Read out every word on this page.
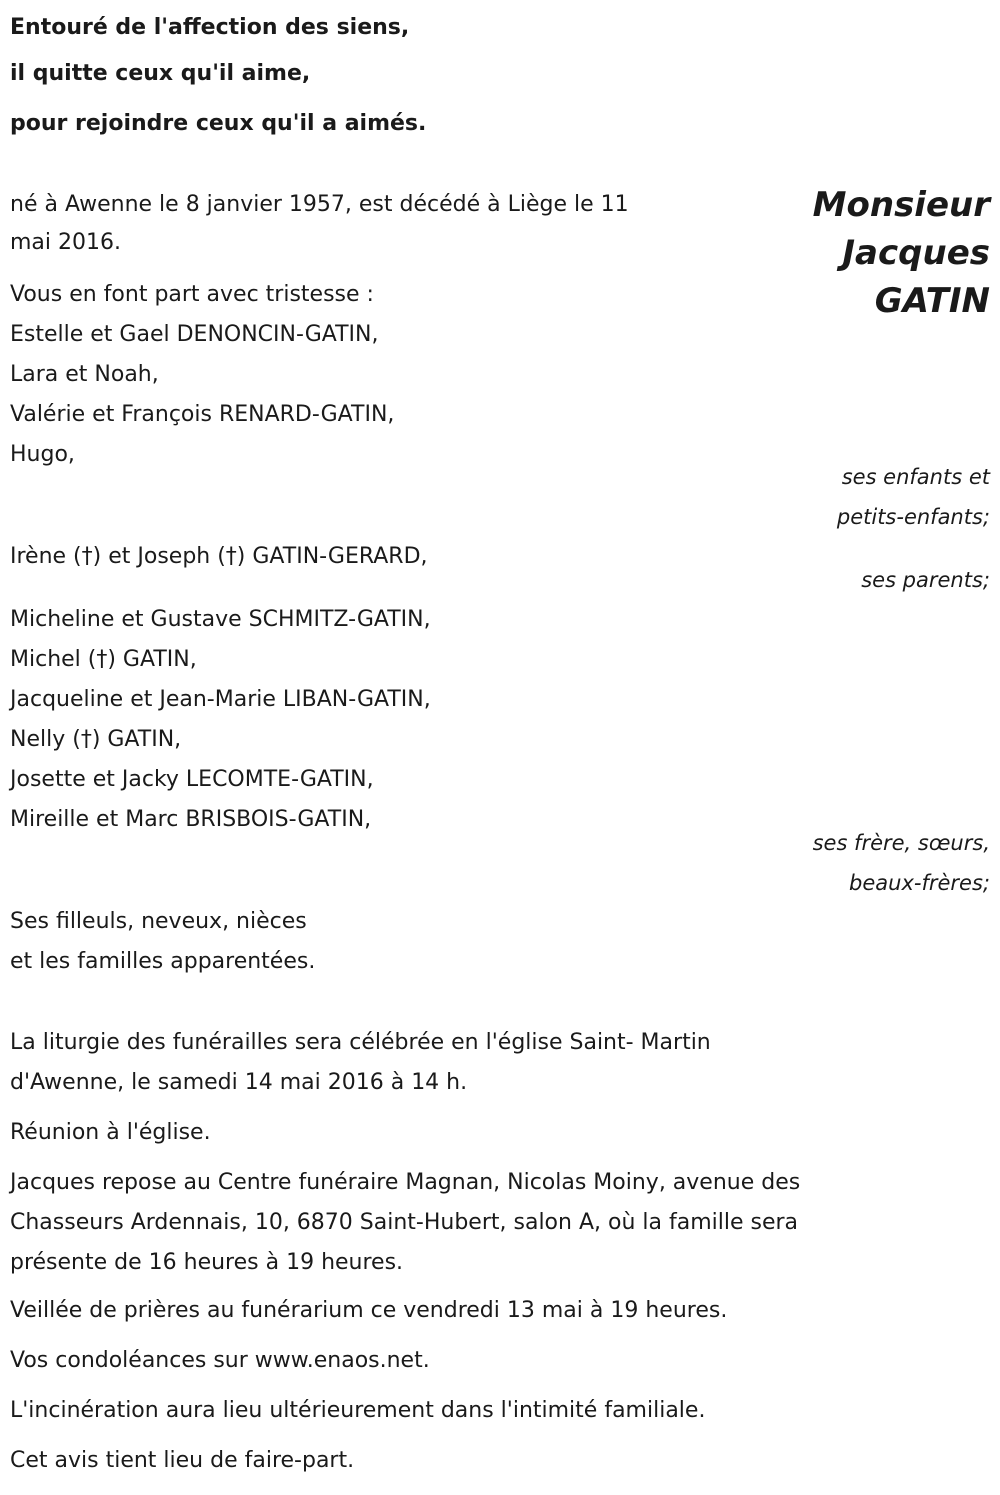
Entouré de l'affection des siens,
il quitte ceux qu'il aime,
pour rejoindre ceux qu'il a aimés.
Monsieur
Jacques
GATIN
né à Awenne le 8 janvier 1957, est décédé à Liège le 11
mai 2016.
Vous en font part avec tristesse :
Estelle et Gael DENONCIN-GATIN,
Lara et Noah,
Valérie et François RENARD-GATIN,
Hugo,
ses enfants et
petits-enfants;
Irène (†) et Joseph (†) GATIN-GERARD,
ses parents;
Micheline et Gustave SCHMITZ-GATIN,
Michel (†) GATIN,
Jacqueline et Jean-Marie LIBAN-GATIN,
Nelly (†) GATIN,
Josette et Jacky LECOMTE-GATIN,
Mireille et Marc BRISBOIS-GATIN,
ses frère, sœurs,
beaux-frères;
Ses filleuls, neveux, nièces
et les familles apparentées.
La liturgie des funérailles sera célébrée en l'église Saint- Martin
d'Awenne, le samedi 14 mai 2016 à 14 h.
Réunion à l'église.
Jacques repose au Centre funéraire Magnan, Nicolas Moiny, avenue des
Chasseurs Ardennais, 10, 6870 Saint-Hubert, salon A, où la famille sera
présente de 16 heures à 19 heures.
Veillée de prières au funérarium ce vendredi 13 mai à 19 heures.
Vos condoléances sur www.enaos.net.
L'incinération aura lieu ultérieurement dans l'intimité familiale.
Cet avis tient lieu de faire-part.
